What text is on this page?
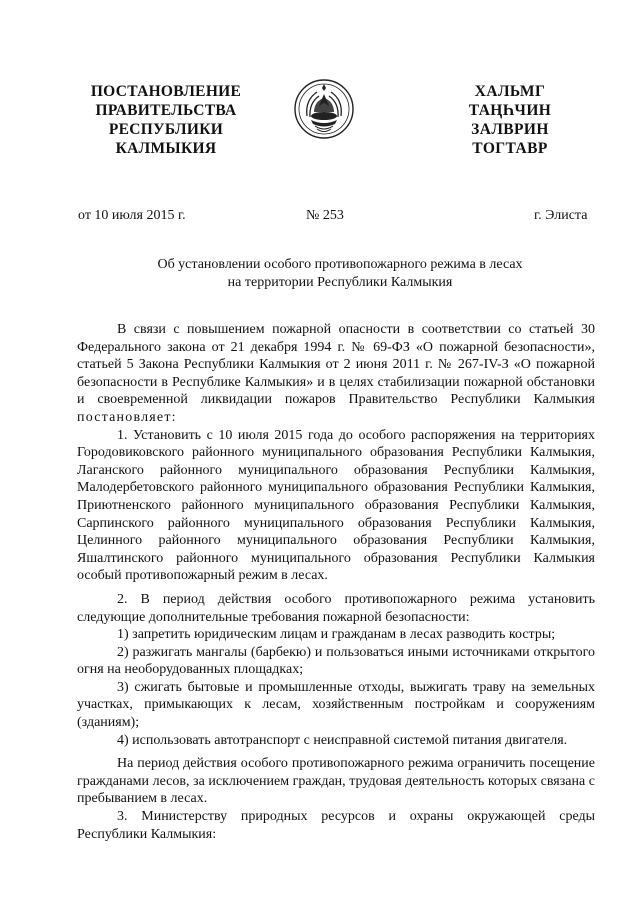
ПОСТАНОВЛЕНИЕ
ПРАВИТЕЛЬСТВА
РЕСПУБЛИКИ
КАЛМЫКИЯ
ХАЛЬМГ
ТАҢҺЧИН
ЗАЛВРИН
ТОГТАВР
от 10 июля 2015 г.	№ 253	г. Элиста
Об установлении особого противопожарного режима в лесах
на территории Республики Калмыкия

В связи с повышением пожарной опасности в соответствии со статьей 30 Федерального закона от 21 декабря 1994 г. № 69-ФЗ «О пожарной безопасности», статьей 5 Закона Республики Калмыкия от 2 июня 2011 г. № 267-IV-З «О пожарной безопасности в Республике Калмыкия» и в целях стабилизации пожарной обстановки и своевременной ликвидации пожаров Правительство Республики Калмыкия постановляет:

1. Установить с 10 июля 2015 года до особого распоряжения на территориях Городовиковского районного муниципального образования Республики Калмыкия, Лаганского районного муниципального образования Республики Калмыкия, Малодербетовского районного муниципального образования Республики Калмыкия, Приютненского районного муниципального образования Республики Калмыкия, Сарпинского районного муниципального образования Республики Калмыкия, Целинного районного муниципального образования Республики Калмыкия, Яшалтинского районного муниципального образования Республики Калмыкия особый противопожарный режим в лесах.

2. В период действия особого противопожарного режима установить следующие дополнительные требования пожарной безопасности:

1) запретить юридическим лицам и гражданам в лесах разводить костры;

2) разжигать мангалы (барбекю) и пользоваться иными источниками открытого огня на необорудованных площадках;

3) сжигать бытовые и промышленные отходы, выжигать траву на земельных участках, примыкающих к лесам, хозяйственным постройкам и сооружениям (зданиям);

4) использовать автотранспорт с неисправной системой питания двигателя.

На период действия особого противопожарного режима ограничить посещение гражданами лесов, за исключением граждан, трудовая деятельность которых связана с пребыванием в лесах.

3. Министерству природных ресурсов и охраны окружающей среды Республики Калмыкия:
